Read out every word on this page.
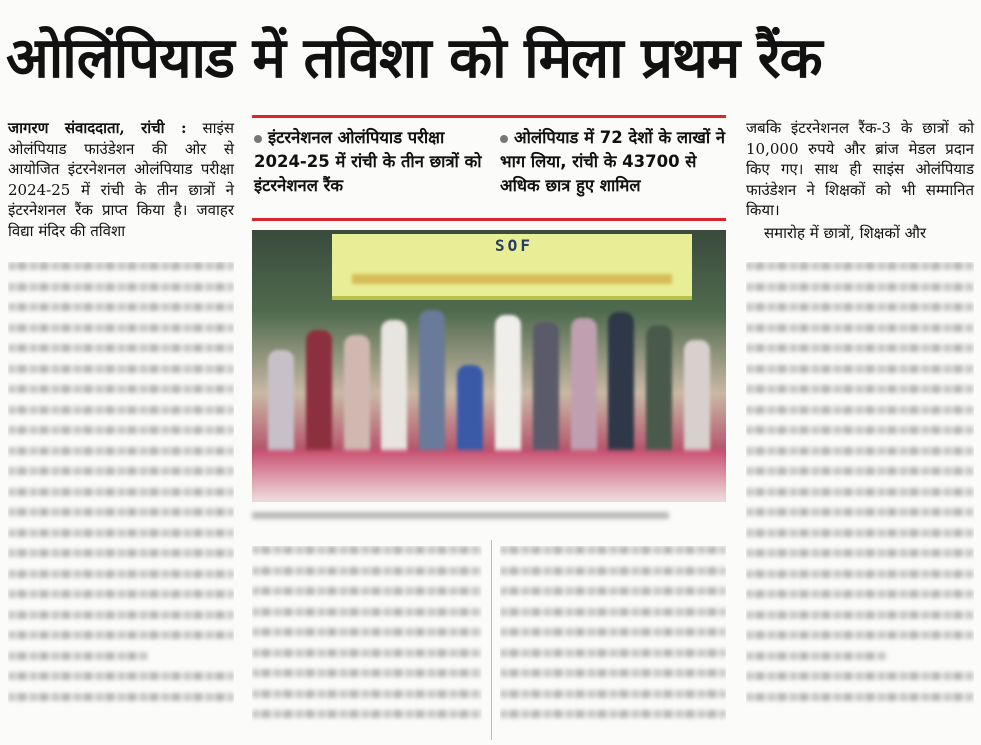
ओलिंपियाड में तविशा को मिला प्रथम रैंक
जागरण संवाददाता, रांची : साइंस ओलंपियाड फाउंडेशन की ओर से आयोजित इंटरनेशनल ओलंपियाड परीक्षा 2024-25 में रांची के तीन छात्रों ने इंटरनेशनल रैंक प्राप्त किया है। जवाहर विद्या मंदिर की तविशा
इंटरनेशनल ओलंपियाड परीक्षा 2024-25 में रांची के तीन छात्रों को इंटरनेशनल रैंक
ओलंपियाड में 72 देशों के लाखों ने भाग लिया, रांची के 43700 से अधिक छात्र हुए शामिल
SOF
जबकि इंटरनेशनल रैंक-3 के छात्रों को 10,000 रुपये और ब्रांज मेडल प्रदान किए गए। साथ ही साइंस ओलंपियाड फाउंडेशन ने शिक्षकों को भी सम्मानित किया।
समारोह में छात्रों, शिक्षकों और
